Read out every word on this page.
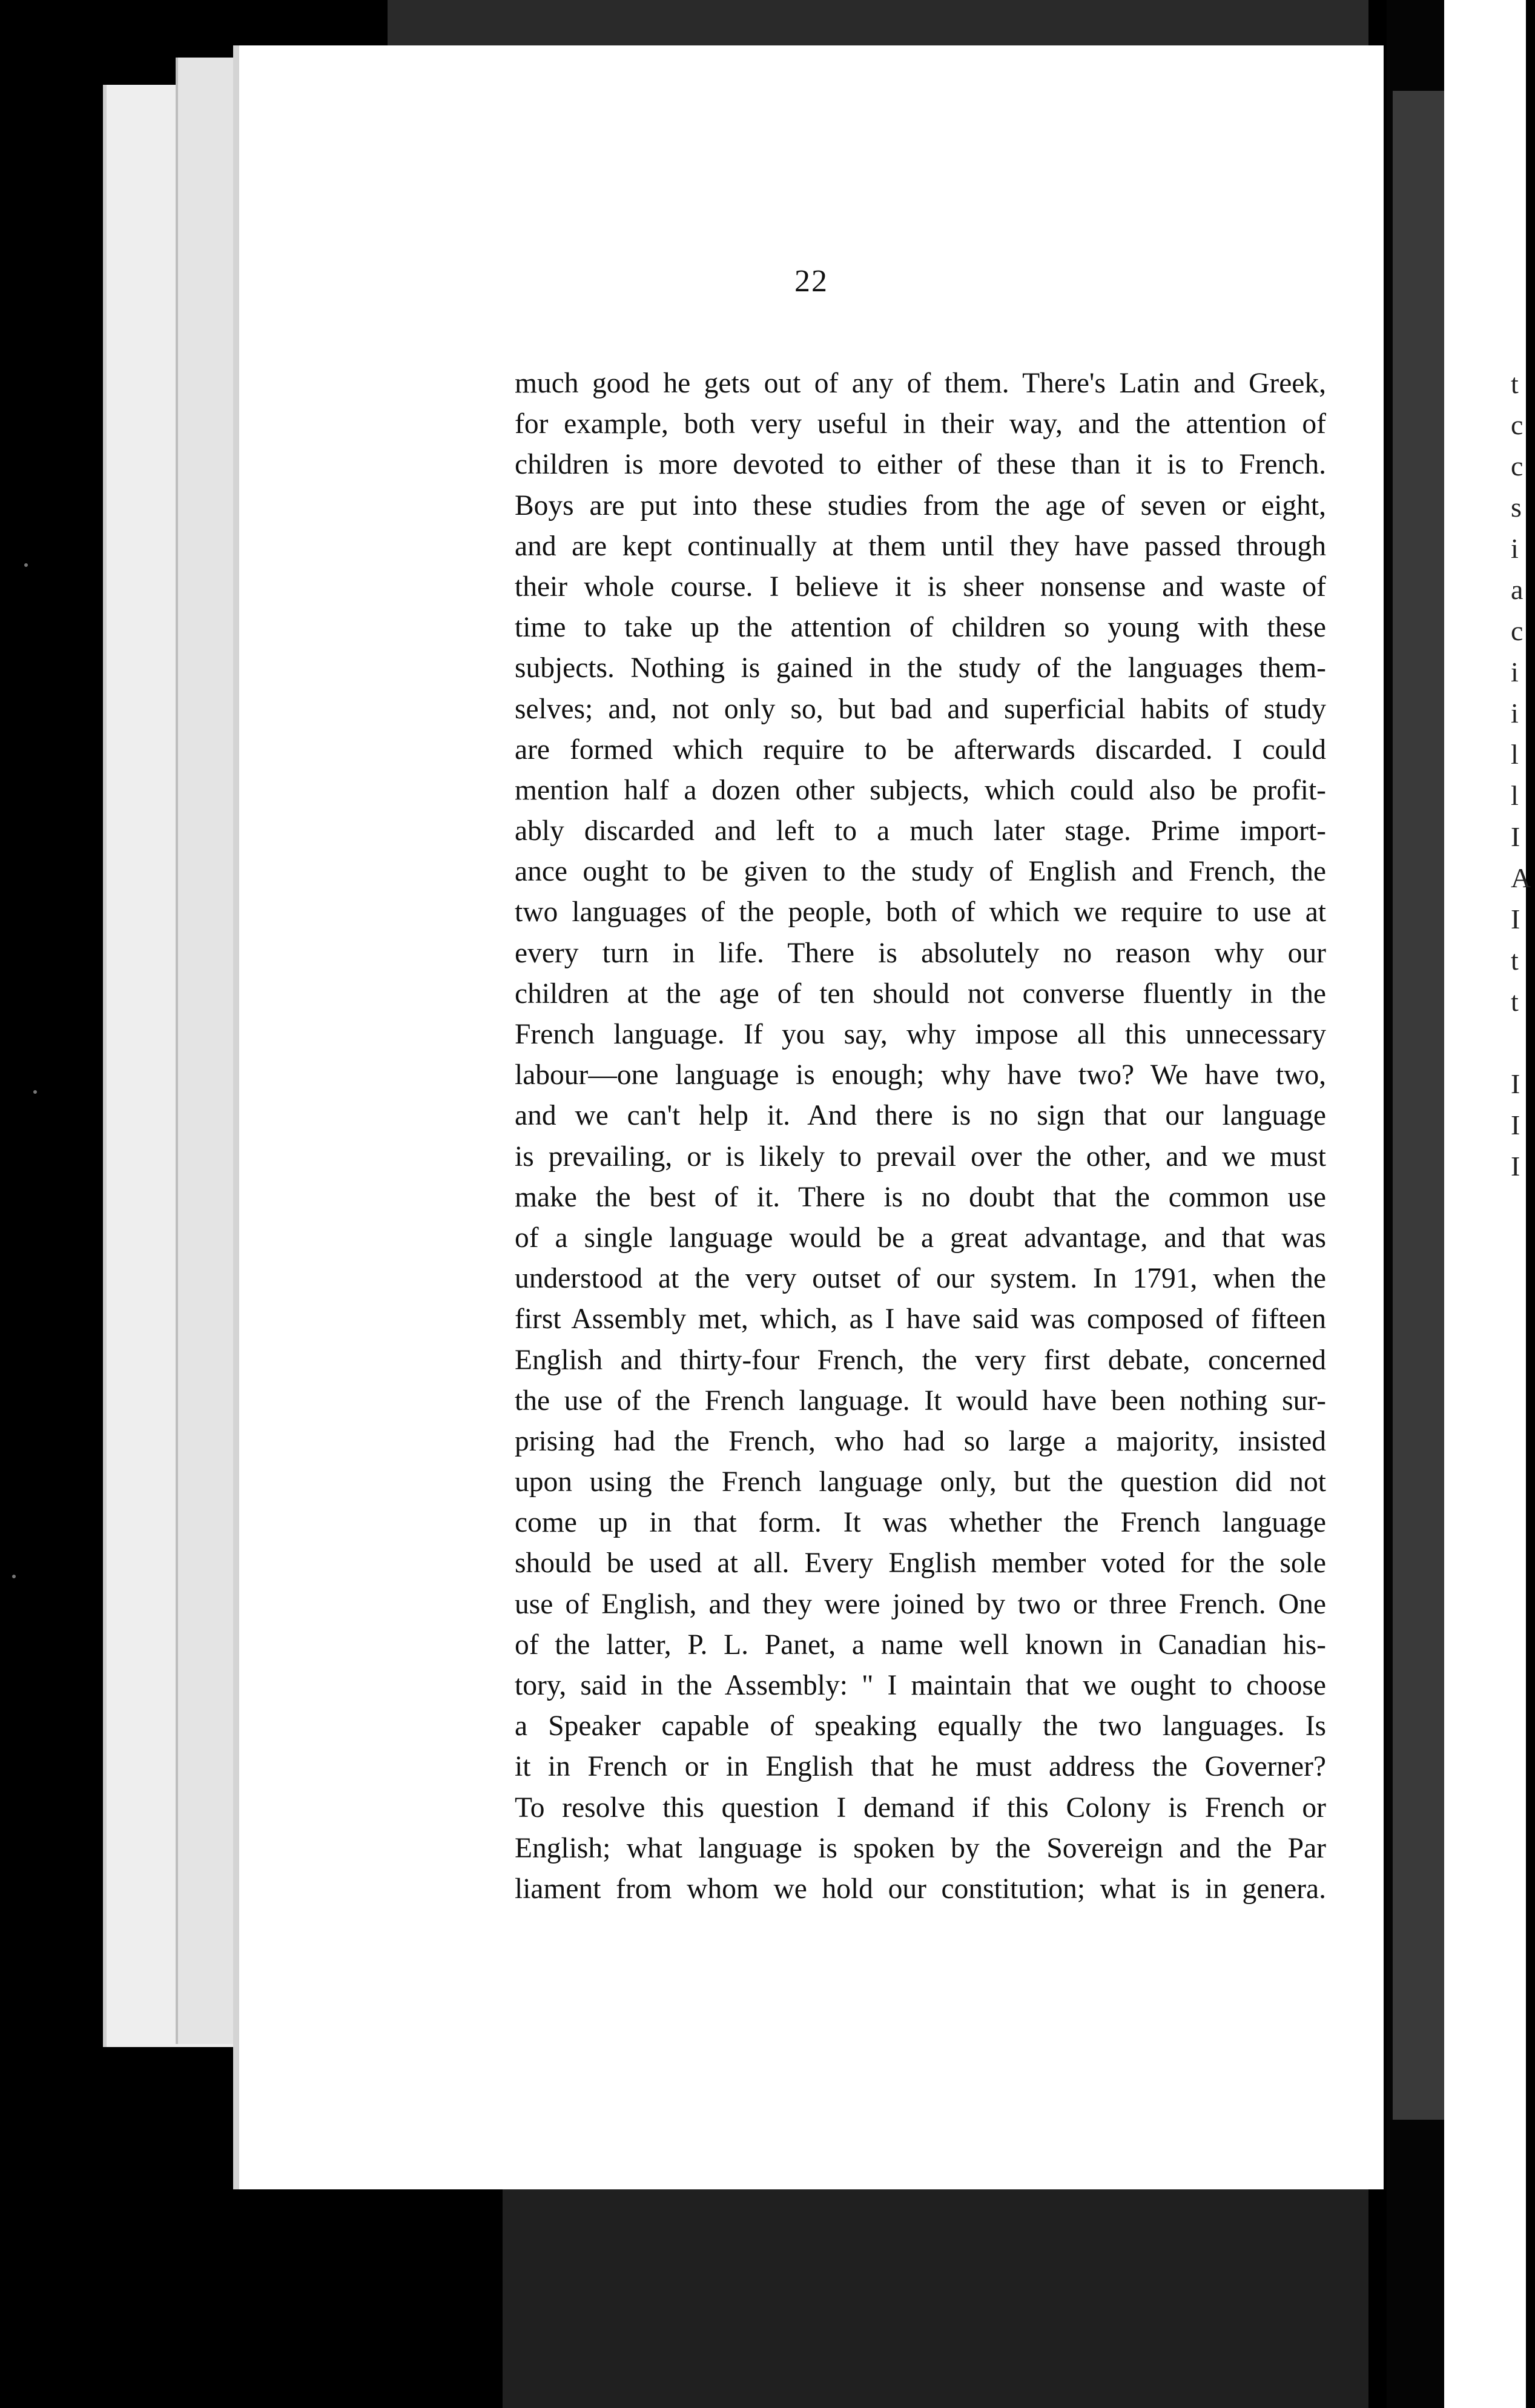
22
much good he gets out of any of them. There's Latin and Greek,
for example, both very useful in their way, and the attention of
children is more devoted to either of these than it is to French.
Boys are put into these studies from the age of seven or eight,
and are kept continually at them until they have passed through
their whole course. I believe it is sheer nonsense and waste of
time to take up the attention of children so young with these
subjects. Nothing is gained in the study of the languages them-
selves; and, not only so, but bad and superficial habits of study
are formed which require to be afterwards discarded. I could
mention half a dozen other subjects, which could also be profit-
ably discarded and left to a much later stage. Prime import-
ance ought to be given to the study of English and French, the
two languages of the people, both of which we require to use at
every turn in life. There is absolutely no reason why our
children at the age of ten should not converse fluently in the
French language. If you say, why impose all this unnecessary
labour—one language is enough; why have two? We have two,
and we can't help it. And there is no sign that our language
is prevailing, or is likely to prevail over the other, and we must
make the best of it. There is no doubt that the common use
of a single language would be a great advantage, and that was
understood at the very outset of our system. In 1791, when the
first Assembly met, which, as I have said was composed of fifteen
English and thirty-four French, the very first debate, concerned
the use of the French language. It would have been nothing sur-
prising had the French, who had so large a majority, insisted
upon using the French language only, but the question did not
come up in that form. It was whether the French language
should be used at all. Every English member voted for the sole
use of English, and they were joined by two or three French. One
of the latter, P. L. Panet, a name well known in Canadian his-
tory, said in the Assembly: " I maintain that we ought to choose
a Speaker capable of speaking equally the two languages. Is
it in French or in English that he must address the Governer?
To resolve this question I demand if this Colony is French or
English; what language is spoken by the Sovereign and the Par
liament from whom we hold our constitution; what is in genera.
t
c
c
s
i
a
c
i
i
l
l
I
A
I
t
t
I
I
I
